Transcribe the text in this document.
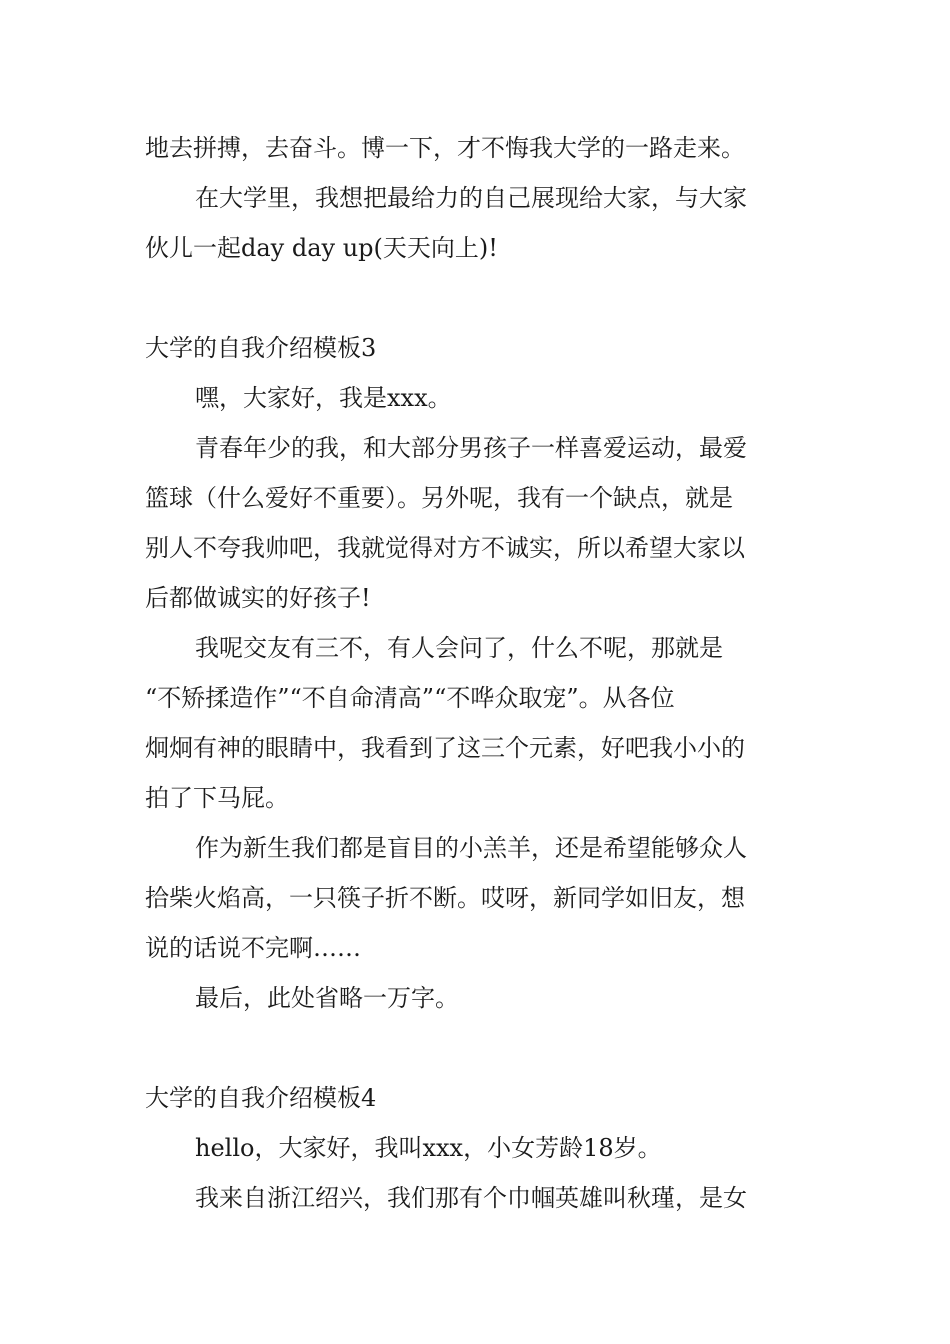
地去拼搏，去奋斗。博一下，才不悔我大学的一路走来。
在大学里，我想把最给力的自己展现给大家，与大家
伙儿一起day day up(天天向上)!
大学的自我介绍模板3
嘿，大家好，我是xxx。
青春年少的我，和大部分男孩子一样喜爱运动，最爱
篮球（什么爱好不重要）。另外呢，我有一个缺点，就是
别人不夸我帅吧，我就觉得对方不诚实，所以希望大家以
后都做诚实的好孩子!
我呢交友有三不，有人会问了，什么不呢，那就是
“不矫揉造作”“不自命清高”“不哗众取宠”。从各位
炯炯有神的眼睛中，我看到了这三个元素，好吧我小小的
拍了下马屁。
作为新生我们都是盲目的小羔羊，还是希望能够众人
拾柴火焰高，一只筷子折不断。哎呀，新同学如旧友，想
说的话说不完啊……
最后，此处省略一万字。
大学的自我介绍模板4
hello，大家好，我叫xxx，小女芳龄18岁。
我来自浙江绍兴，我们那有个巾帼英雄叫秋瑾，是女
